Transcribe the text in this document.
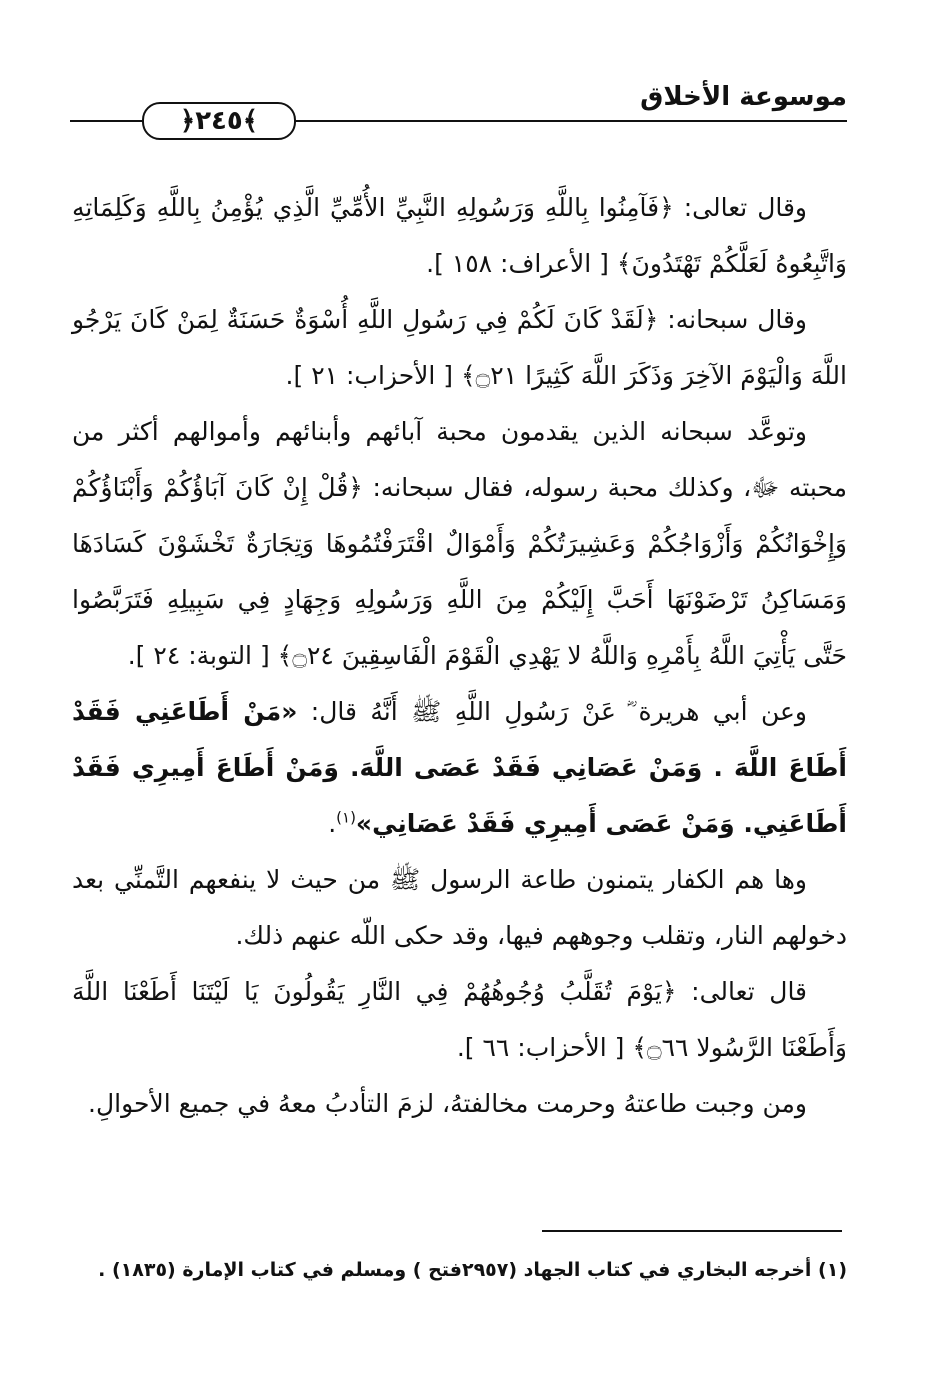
﴿٢٤٥﴾
موسوعة الأخلاق

وقال تعالى: ﴿فَآمِنُوا بِاللَّهِ وَرَسُولِهِ النَّبِيِّ الأُمِّيِّ الَّذِي يُؤْمِنُ بِاللَّهِ وَكَلِمَاتِهِ وَاتَّبِعُوهُ لَعَلَّكُمْ تَهْتَدُونَ﴾ [ الأعراف: ١٥٨ ].

وقال سبحانه: ﴿لَقَدْ كَانَ لَكُمْ فِي رَسُولِ اللَّهِ أُسْوَةٌ حَسَنَةٌ لِمَنْ كَانَ يَرْجُو اللَّهَ وَالْيَوْمَ الآخِرَ وَذَكَرَ اللَّهَ كَثِيرًا ۝٢١﴾ [ الأحزاب: ٢١ ].

وتوعَّد سبحانه الذين يقدمون محبة آبائهم وأبنائهم وأموالهم أكثر من محبته ﷻ، وكذلك محبة رسوله، فقال سبحانه: ﴿قُلْ إِنْ كَانَ آبَاؤُكُمْ وَأَبْنَاؤُكُمْ وَإِخْوَانُكُمْ وَأَزْوَاجُكُمْ وَعَشِيرَتُكُمْ وَأَمْوَالٌ اقْتَرَفْتُمُوهَا وَتِجَارَةٌ تَخْشَوْنَ كَسَادَهَا وَمَسَاكِنُ تَرْضَوْنَهَا أَحَبَّ إِلَيْكُمْ مِنَ اللَّهِ وَرَسُولِهِ وَجِهَادٍ فِي سَبِيلِهِ فَتَرَبَّصُوا حَتَّى يَأْتِيَ اللَّهُ بِأَمْرِهِ وَاللَّهُ لا يَهْدِي الْقَوْمَ الْفَاسِقِينَ ۝٢٤﴾ [ التوبة: ٢٤ ].

وعن أبي هريرة ؓ عَنْ رَسُولِ اللَّهِ ﷺ أَنَّهُ قال: «مَنْ أَطَاعَنِي فَقَدْ أَطَاعَ اللَّهَ . وَمَنْ عَصَانِي فَقَدْ عَصَى اللَّهَ. وَمَنْ أَطَاعَ أَمِيرِي فَقَدْ أَطَاعَنِي. وَمَنْ عَصَى أَمِيرِي فَقَدْ عَصَانِي»$^{(١)}$.

وها هم الكفار يتمنون طاعة الرسول ﷺ من حيث لا ينفعهم التَّمنِّي بعد دخولهم النار، وتقلب وجوههم فيها، وقد حكى اللّه عنهم ذلك.

قال تعالى: ﴿يَوْمَ تُقَلَّبُ وُجُوهُهُمْ فِي النَّارِ يَقُولُونَ يَا لَيْتَنَا أَطَعْنَا اللَّهَ وَأَطَعْنَا الرَّسُولا ۝٦٦﴾ [ الأحزاب: ٦٦ ].

ومن وجبت طاعتهُ وحرمت مخالفتهُ، لزمَ التأدبُ معهُ في جميع الأحوالِ.

(١) أخرجه البخاري في كتاب الجهاد (٢٩٥٧فتح ) ومسلم في كتاب الإمارة (١٨٣٥) .
